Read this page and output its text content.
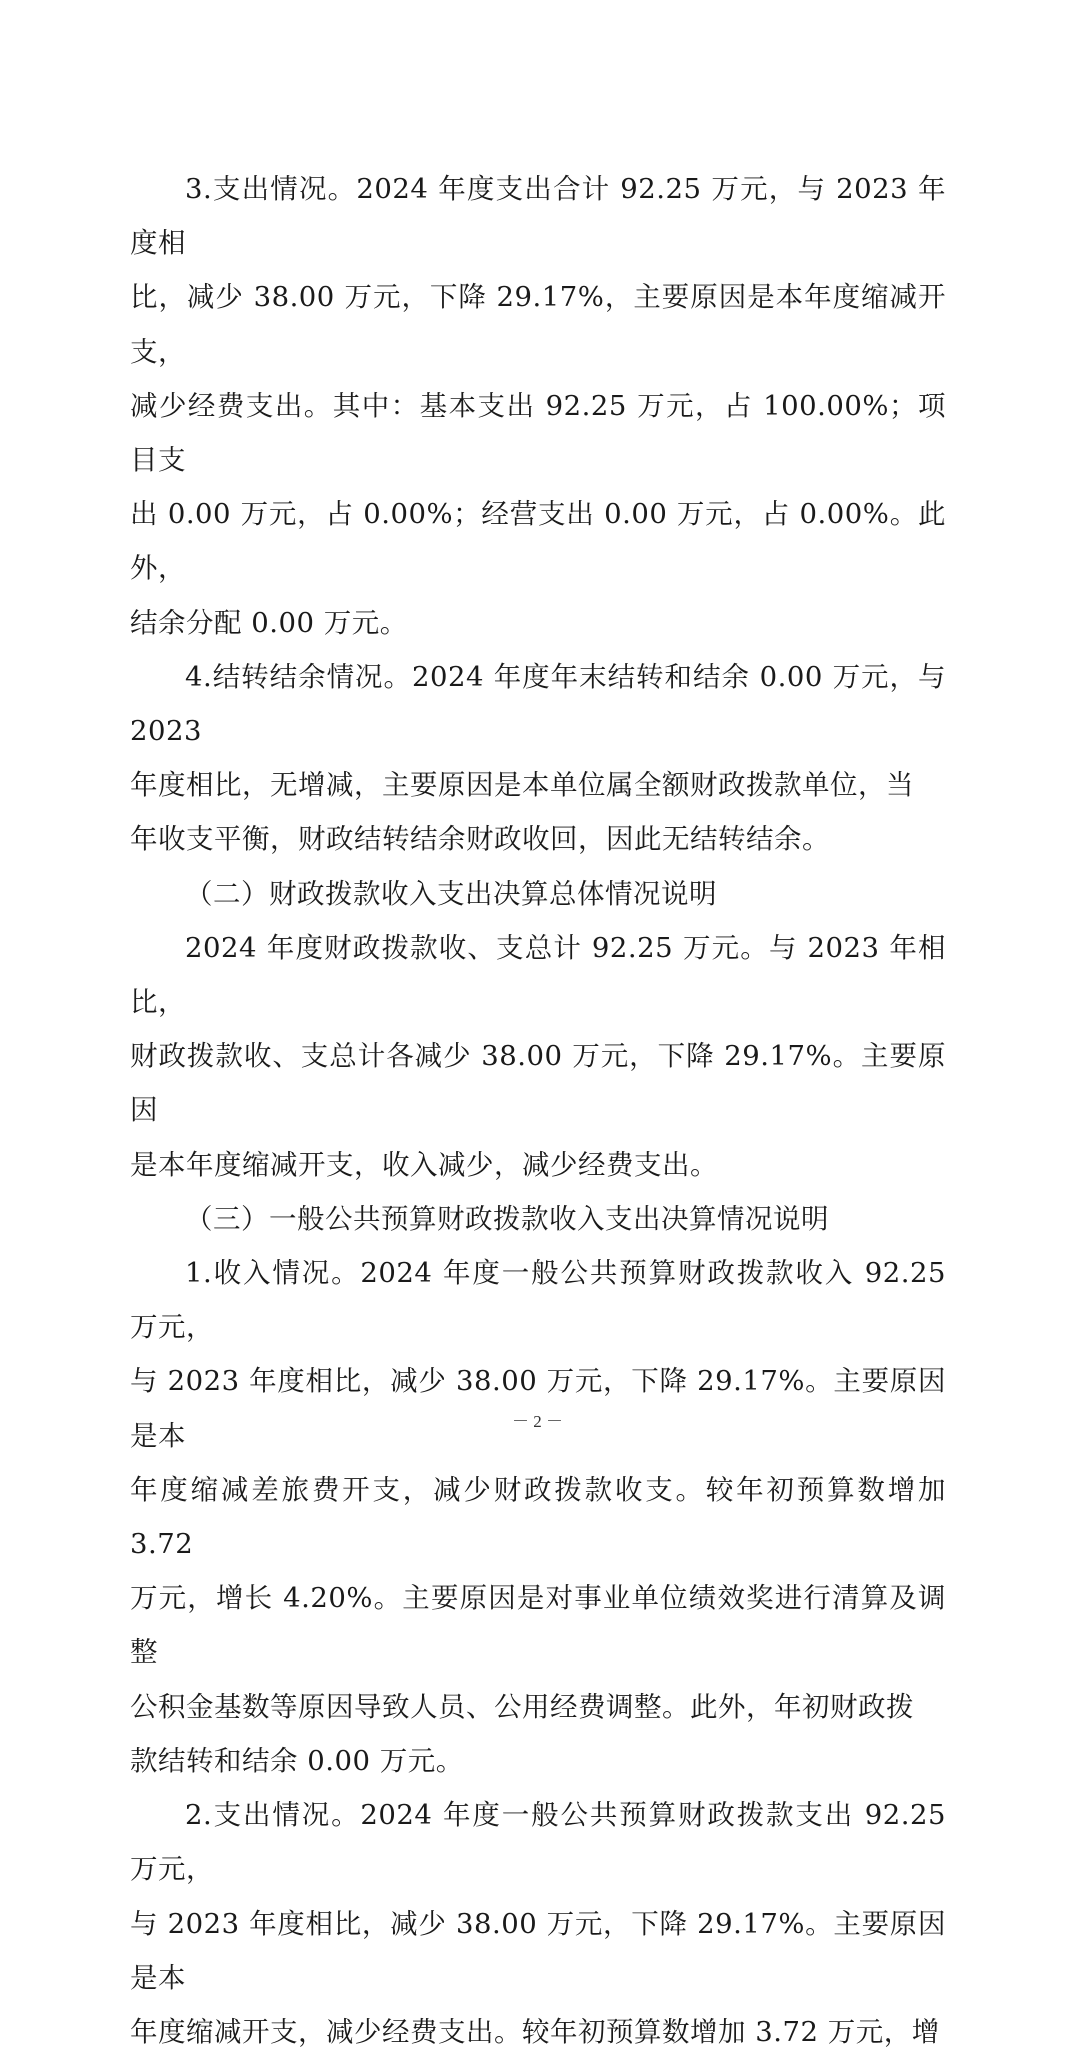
3.支出情况。2024 年度支出合计 92.25 万元，与 2023 年度相
比，减少 38.00 万元，下降 29.17%，主要原因是本年度缩减开支，
减少经费支出。其中：基本支出 92.25 万元，占 100.00%；项目支
出 0.00 万元，占 0.00%；经营支出 0.00 万元，占 0.00%。此外，
结余分配 0.00 万元。

4.结转结余情况。2024 年度年末结转和结余 0.00 万元，与 2023
年度相比，无增减，主要原因是本单位属全额财政拨款单位，当
年收支平衡，财政结转结余财政收回，因此无结转结余。

（二）财政拨款收入支出决算总体情况说明

2024 年度财政拨款收、支总计 92.25 万元。与 2023 年相比，
财政拨款收、支总计各减少 38.00 万元，下降 29.17%。主要原因
是本年度缩减开支，收入减少，减少经费支出。

（三）一般公共预算财政拨款收入支出决算情况说明

1.收入情况。2024 年度一般公共预算财政拨款收入 92.25 万元，
与 2023 年度相比，减少 38.00 万元，下降 29.17%。主要原因是本
年度缩减差旅费开支，减少财政拨款收支。较年初预算数增加 3.72
万元，增长 4.20%。主要原因是对事业单位绩效奖进行清算及调整
公积金基数等原因导致人员、公用经费调整。此外，年初财政拨
款结转和结余 0.00 万元。

2.支出情况。2024 年度一般公共预算财政拨款支出 92.25 万元，
与 2023 年度相比，减少 38.00 万元，下降 29.17%。主要原因是本
年度缩减开支，减少经费支出。较年初预算数增加 3.72 万元，增

－ 2 －
